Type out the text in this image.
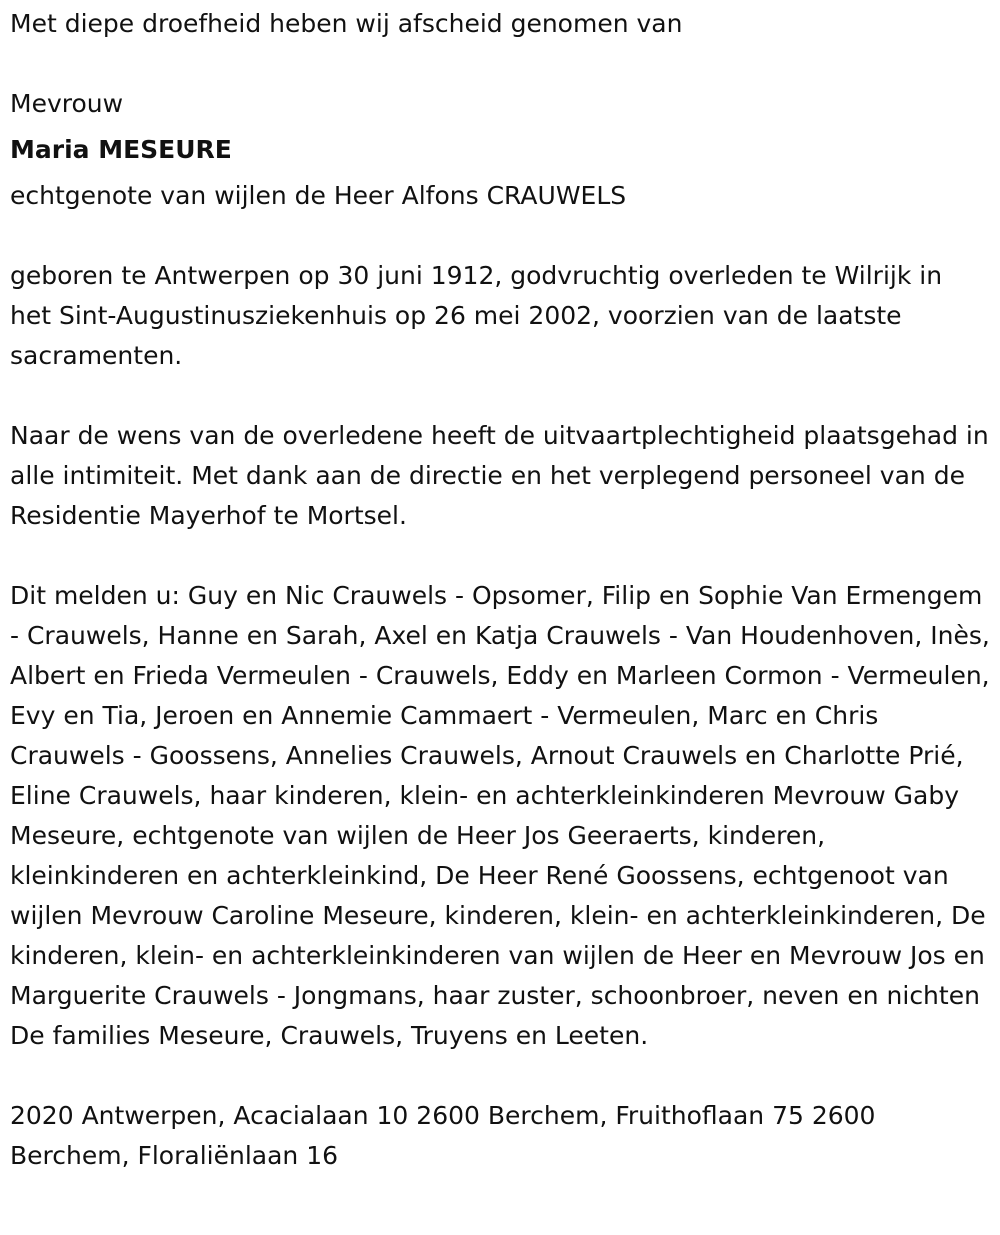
Met diepe droefheid heben wij afscheid genomen van

Mevrouw

Maria MESEURE

echtgenote van wijlen de Heer Alfons CRAUWELS

geboren te Antwerpen op 30 juni 1912, godvruchtig overleden te Wilrijk in het Sint-Augustinusziekenhuis op 26 mei 2002, voorzien van de laatste sacramenten.

Naar de wens van de overledene heeft de uitvaartplechtigheid plaatsgehad in alle intimiteit. Met dank aan de directie en het verplegend personeel van de Residentie Mayerhof te Mortsel.

Dit melden u: Guy en Nic Crauwels - Opsomer, Filip en Sophie Van Ermengem - Crauwels, Hanne en Sarah, Axel en Katja Crauwels - Van Houdenhoven, Inès, Albert en Frieda Vermeulen - Crauwels, Eddy en Marleen Cormon - Vermeulen, Evy en Tia, Jeroen en Annemie Cammaert - Vermeulen, Marc en Chris Crauwels - Goossens, Annelies Crauwels, Arnout Crauwels en Charlotte Prié, Eline Crauwels, haar kinderen, klein- en achterkleinkinderen Mevrouw Gaby Meseure, echtgenote van wijlen de Heer Jos Geeraerts, kinderen, kleinkinderen en achterkleinkind, De Heer René Goossens, echtgenoot van wijlen Mevrouw Caroline Meseure, kinderen, klein- en achterkleinkinderen, De kinderen, klein- en achterkleinkinderen van wijlen de Heer en Mevrouw Jos en Marguerite Crauwels - Jongmans, haar zuster, schoonbroer, neven en nichten De families Meseure, Crauwels, Truyens en Leeten.

2020 Antwerpen, Acacialaan 10 2600 Berchem, Fruithoflaan 75 2600 Berchem, Floraliënlaan 16
